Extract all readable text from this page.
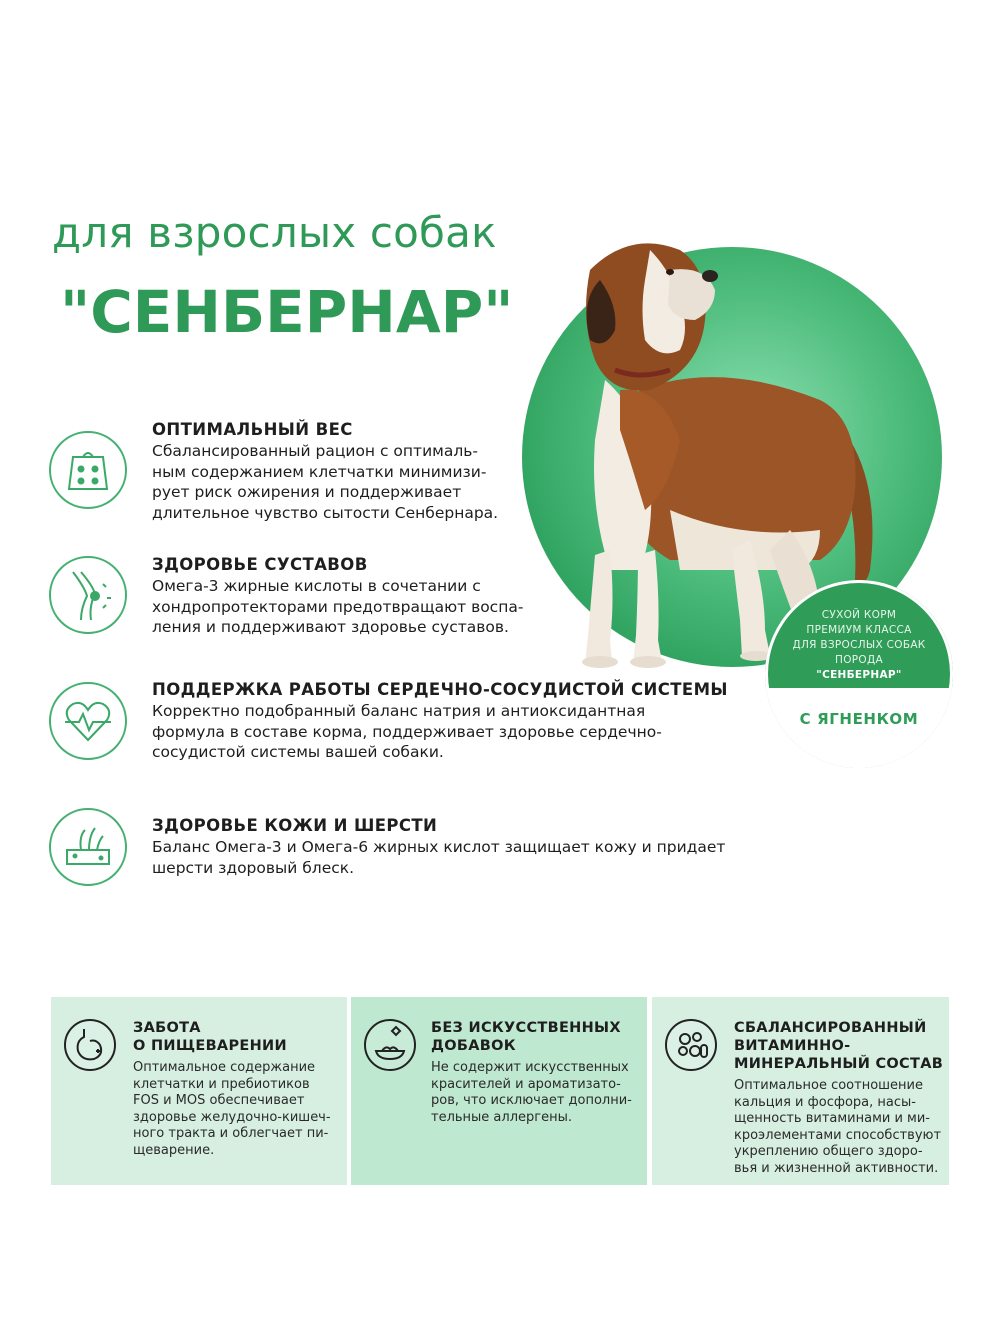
для взрослых собак
"СЕНБЕРНАР"
СУХОЙ КОРМ
ПРЕМИУМ КЛАССА
ДЛЯ ВЗРОСЛЫХ СОБАК
ПОРОДА
"СЕНБЕРНАР"
С ЯГНЕНКОМ
ОПТИМАЛЬНЫЙ ВЕС
Сбалансированный рацион с оптималь-
ным содержанием клетчатки минимизи-
рует риск ожирения и поддерживает
длительное чувство сытости Сенбернара.
ЗДОРОВЬЕ СУСТАВОВ
Омега-3 жирные кислоты в сочетании с
хондропротекторами предотвращают воспа-
ления и поддерживают здоровье суставов.
ПОДДЕРЖКА РАБОТЫ СЕРДЕЧНО-СОСУДИСТОЙ СИСТЕМЫ
Корректно подобранный баланс натрия и антиоксидантная
формула в составе корма, поддерживает здоровье сердечно-
сосудистой системы вашей собаки.
ЗДОРОВЬЕ КОЖИ И ШЕРСТИ
Баланс Омега-3 и Омега-6 жирных кислот защищает кожу и придает
шерсти здоровый блеск.
ЗАБОТА
О ПИЩЕВАРЕНИИ
Оптимальное содержание
клетчатки и пребиотиков
FOS и MOS обеспечивает
здоровье желудочно-кишеч-
ного тракта и облегчает пи-
щеварение.
БЕЗ ИСКУССТВЕННЫХ
ДОБАВОК
Не содержит искусственных
красителей и ароматизато-
ров, что исключает дополни-
тельные аллергены.
СБАЛАНСИРОВАННЫЙ
ВИТАМИННО-
МИНЕРАЛЬНЫЙ СОСТАВ
Оптимальное соотношение
кальция и фосфора, насы-
щенность витаминами и ми-
кроэлементами способствуют
укреплению общего здоро-
вья и жизненной активности.
